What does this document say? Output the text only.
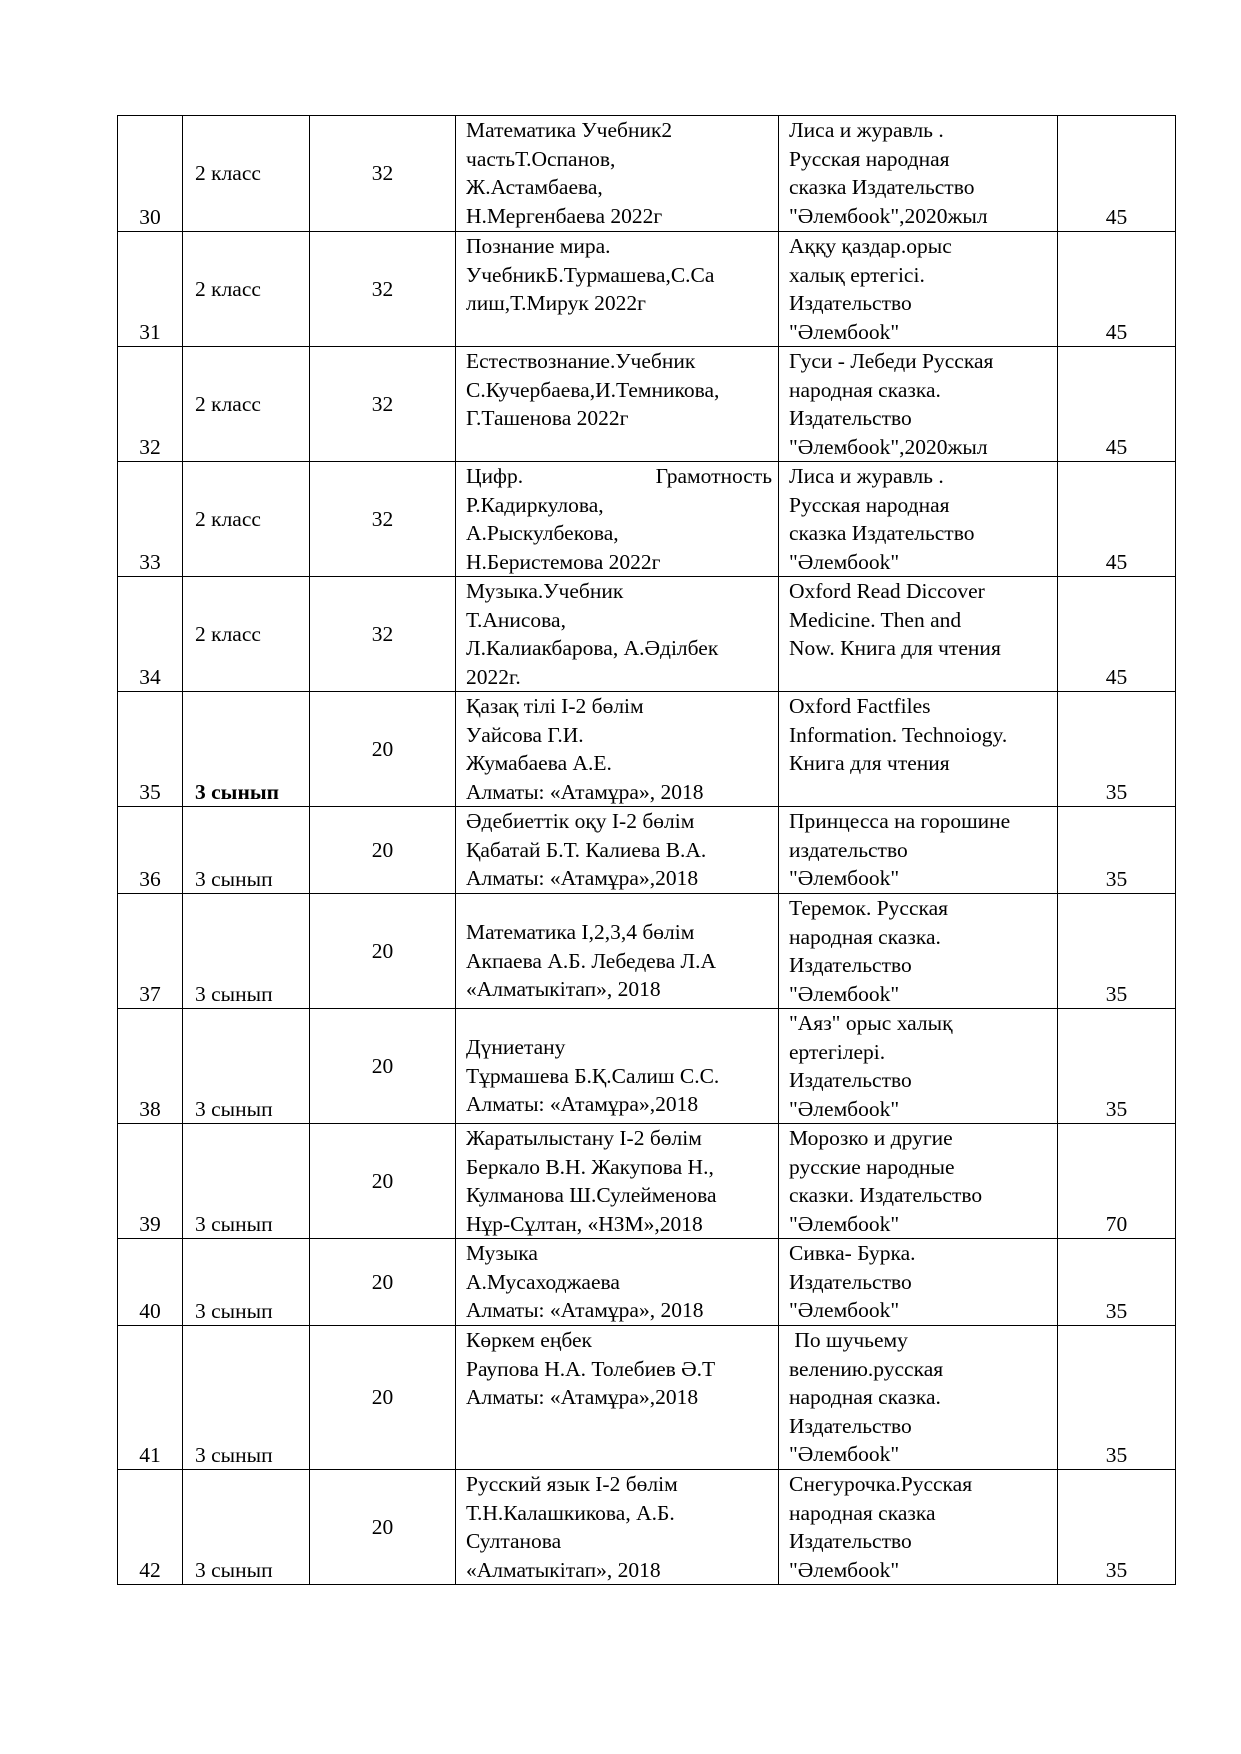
30	2 класс	32	Математика Учебник2
частьТ.Оспанов,
Ж.Астамбаева,
Н.Мергенбаева 2022г	Лиса и журавль .
Русская народная
сказка Издательство
"Әлембook",2020жыл	45
31	2 класс	32	Познание мира.
УчебникБ.Турмашева,С.Са
лиш,Т.Мирук 2022г	Аққу қаздар.орыс
халық ертегісі.
Издательство
"Әлембook"	45
32	2 класс	32	Естествознание.Учебник
С.Кучербаева,И.Темникова,
Г.Ташенова 2022г	Гуси - Лебеди Русская
народная сказка.
Издательство
"Әлембook",2020жыл	45
33	2 класс	32	Цифр. Грамотность
Р.Кадиркулова,
А.Рыскулбекова,
Н.Беристемова 2022г	Лиса и журавль .
Русская народная
сказка Издательство
"Әлембook"	45
34	2 класс	32	Музыка.Учебник
Т.Анисова,
Л.Калиакбарова, А.Әділбек
2022г.	Oxford Read Diccover
Medicine. Then and
Now. Книга для чтения	45
35	3 сынып	20	Қазақ тілі І-2 бөлім
Уайсова Г.И.
Жумабаева А.Е.
Алматы: «Атамұра», 2018	Oxford Factfiles
Information. Technoiogy.
Книга для чтения	35
36	3 сынып	20	Әдебиеттік оқу І-2 бөлім
Қабатай Б.Т. Калиева В.А.
Алматы: «Атамұра»,2018	Принцесса на горошине
издательство
"Әлембook"	35
37	3 сынып	20	Математика І,2,3,4 бөлім
Акпаева А.Б. Лебедева Л.А
«Алматыкітап», 2018	Теремок. Русская
народная сказка.
Издательство
"Әлембook"	35
38	3 сынып	20	Дүниетану
Тұрмашева Б.Қ.Салиш С.С.
Алматы: «Атамұра»,2018	"Аяз" орыс халық
ертегілері.
Издательство
"Әлембook"	35
39	3 сынып	20	Жаратылыстану І-2 бөлім
Беркало В.Н. Жакупова Н.,
Кулманова Ш.Сулейменова
Нұр-Сұлтан, «НЗМ»,2018	Морозко и другие
русские народные
сказки. Издательство
"Әлембook"	70
40	3 сынып	20	Музыка
А.Мусаходжаева
Алматы: «Атамұра», 2018	Сивка- Бурка.
Издательство
"Әлембook"	35
41	3 сынып	20	Көркем еңбек
Раупова Н.А. Толебиев Ә.Т
Алматы: «Атамұра»,2018	По шучьему
велению.русская
народная сказка.
Издательство
"Әлембook"	35
42	3 сынып	20	Русский язык І-2 бөлім
Т.Н.Калашкикова, А.Б.
Султанова
«Алматыкітап», 2018	Снегурочка.Русская
народная сказка
Издательство
"Әлембook"	35
